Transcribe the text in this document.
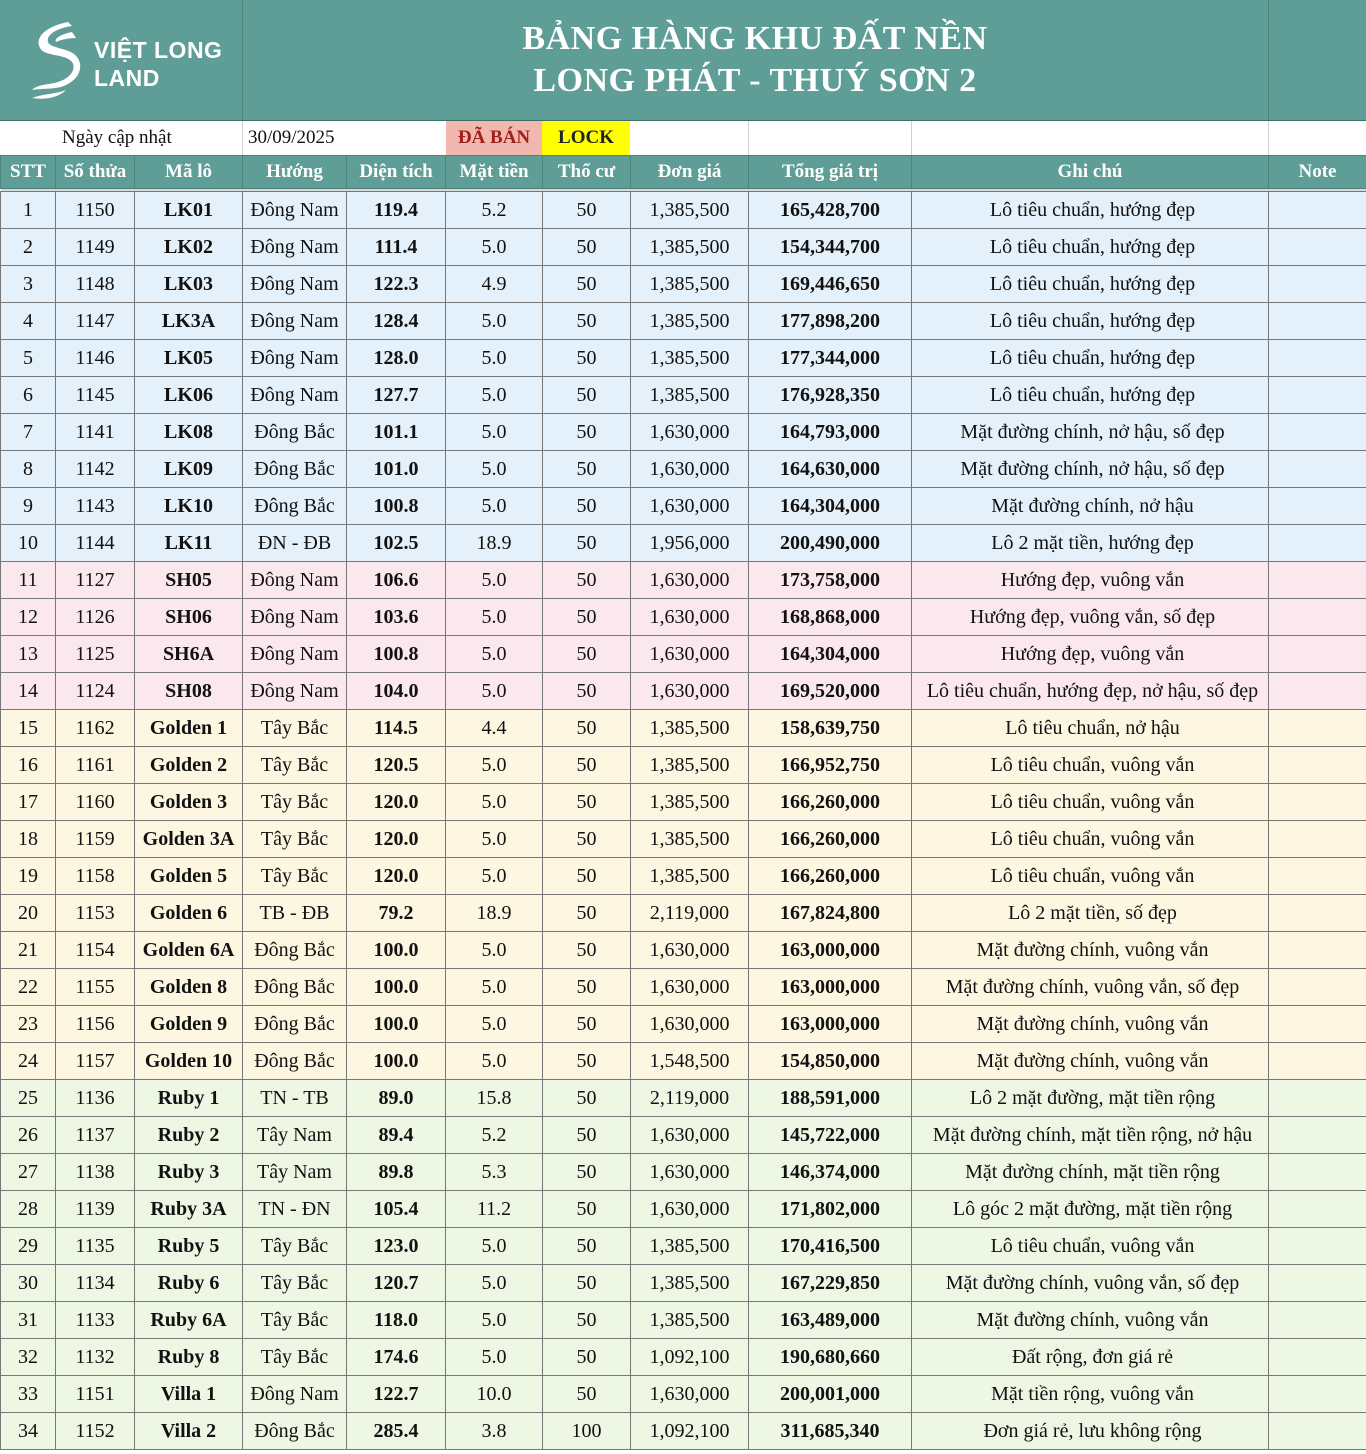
VIỆT LONG
LAND
BẢNG HÀNG KHU ĐẤT NỀN
LONG PHÁT - THUÝ SƠN 2
Ngày cập nhật	30/09/2025	ĐÃ BÁN	LOCK
STT	Số thửa	Mã lô	Hướng	Diện tích	Mặt tiền	Thổ cư	Đơn giá	Tổng giá trị	Ghi chú	Note

1	1150	LK01	Đông Nam	119.4	5.2	50	1,385,500	165,428,700	Lô tiêu chuẩn, hướng đẹp	
2	1149	LK02	Đông Nam	111.4	5.0	50	1,385,500	154,344,700	Lô tiêu chuẩn, hướng đẹp	
3	1148	LK03	Đông Nam	122.3	4.9	50	1,385,500	169,446,650	Lô tiêu chuẩn, hướng đẹp	
4	1147	LK3A	Đông Nam	128.4	5.0	50	1,385,500	177,898,200	Lô tiêu chuẩn, hướng đẹp	
5	1146	LK05	Đông Nam	128.0	5.0	50	1,385,500	177,344,000	Lô tiêu chuẩn, hướng đẹp	
6	1145	LK06	Đông Nam	127.7	5.0	50	1,385,500	176,928,350	Lô tiêu chuẩn, hướng đẹp	
7	1141	LK08	Đông Bắc	101.1	5.0	50	1,630,000	164,793,000	Mặt đường chính, nở hậu, số đẹp	
8	1142	LK09	Đông Bắc	101.0	5.0	50	1,630,000	164,630,000	Mặt đường chính, nở hậu, số đẹp	
9	1143	LK10	Đông Bắc	100.8	5.0	50	1,630,000	164,304,000	Mặt đường chính, nở hậu	
10	1144	LK11	ĐN - ĐB	102.5	18.9	50	1,956,000	200,490,000	Lô 2 mặt tiền, hướng đẹp	
11	1127	SH05	Đông Nam	106.6	5.0	50	1,630,000	173,758,000	Hướng đẹp, vuông vắn	
12	1126	SH06	Đông Nam	103.6	5.0	50	1,630,000	168,868,000	Hướng đẹp, vuông vắn, số đẹp	
13	1125	SH6A	Đông Nam	100.8	5.0	50	1,630,000	164,304,000	Hướng đẹp, vuông vắn	
14	1124	SH08	Đông Nam	104.0	5.0	50	1,630,000	169,520,000	Lô tiêu chuẩn, hướng đẹp, nở hậu, số đẹp	
15	1162	Golden 1	Tây Bắc	114.5	4.4	50	1,385,500	158,639,750	Lô tiêu chuẩn, nở hậu	
16	1161	Golden 2	Tây Bắc	120.5	5.0	50	1,385,500	166,952,750	Lô tiêu chuẩn, vuông vắn	
17	1160	Golden 3	Tây Bắc	120.0	5.0	50	1,385,500	166,260,000	Lô tiêu chuẩn, vuông vắn	
18	1159	Golden 3A	Tây Bắc	120.0	5.0	50	1,385,500	166,260,000	Lô tiêu chuẩn, vuông vắn	
19	1158	Golden 5	Tây Bắc	120.0	5.0	50	1,385,500	166,260,000	Lô tiêu chuẩn, vuông vắn	
20	1153	Golden 6	TB - ĐB	79.2	18.9	50	2,119,000	167,824,800	Lô 2 mặt tiền, số đẹp	
21	1154	Golden 6A	Đông Bắc	100.0	5.0	50	1,630,000	163,000,000	Mặt đường chính, vuông vắn	
22	1155	Golden 8	Đông Bắc	100.0	5.0	50	1,630,000	163,000,000	Mặt đường chính, vuông vắn, số đẹp	
23	1156	Golden 9	Đông Bắc	100.0	5.0	50	1,630,000	163,000,000	Mặt đường chính, vuông vắn	
24	1157	Golden 10	Đông Bắc	100.0	5.0	50	1,548,500	154,850,000	Mặt đường chính, vuông vắn	
25	1136	Ruby 1	TN - TB	89.0	15.8	50	2,119,000	188,591,000	Lô 2 mặt đường, mặt tiền rộng	
26	1137	Ruby 2	Tây Nam	89.4	5.2	50	1,630,000	145,722,000	Mặt đường chính, mặt tiền rộng, nở hậu	
27	1138	Ruby 3	Tây Nam	89.8	5.3	50	1,630,000	146,374,000	Mặt đường chính, mặt tiền rộng	
28	1139	Ruby 3A	TN - ĐN	105.4	11.2	50	1,630,000	171,802,000	Lô góc 2 mặt đường, mặt tiền rộng	
29	1135	Ruby 5	Tây Bắc	123.0	5.0	50	1,385,500	170,416,500	Lô tiêu chuẩn, vuông vắn	
30	1134	Ruby 6	Tây Bắc	120.7	5.0	50	1,385,500	167,229,850	Mặt đường chính, vuông vắn, số đẹp	
31	1133	Ruby 6A	Tây Bắc	118.0	5.0	50	1,385,500	163,489,000	Mặt đường chính, vuông vắn	
32	1132	Ruby 8	Tây Bắc	174.6	5.0	50	1,092,100	190,680,660	Đất rộng, đơn giá rẻ	
33	1151	Villa 1	Đông Nam	122.7	10.0	50	1,630,000	200,001,000	Mặt tiền rộng, vuông vắn	
34	1152	Villa 2	Đông Bắc	285.4	3.8	100	1,092,100	311,685,340	Đơn giá rẻ, lưu không rộng	
